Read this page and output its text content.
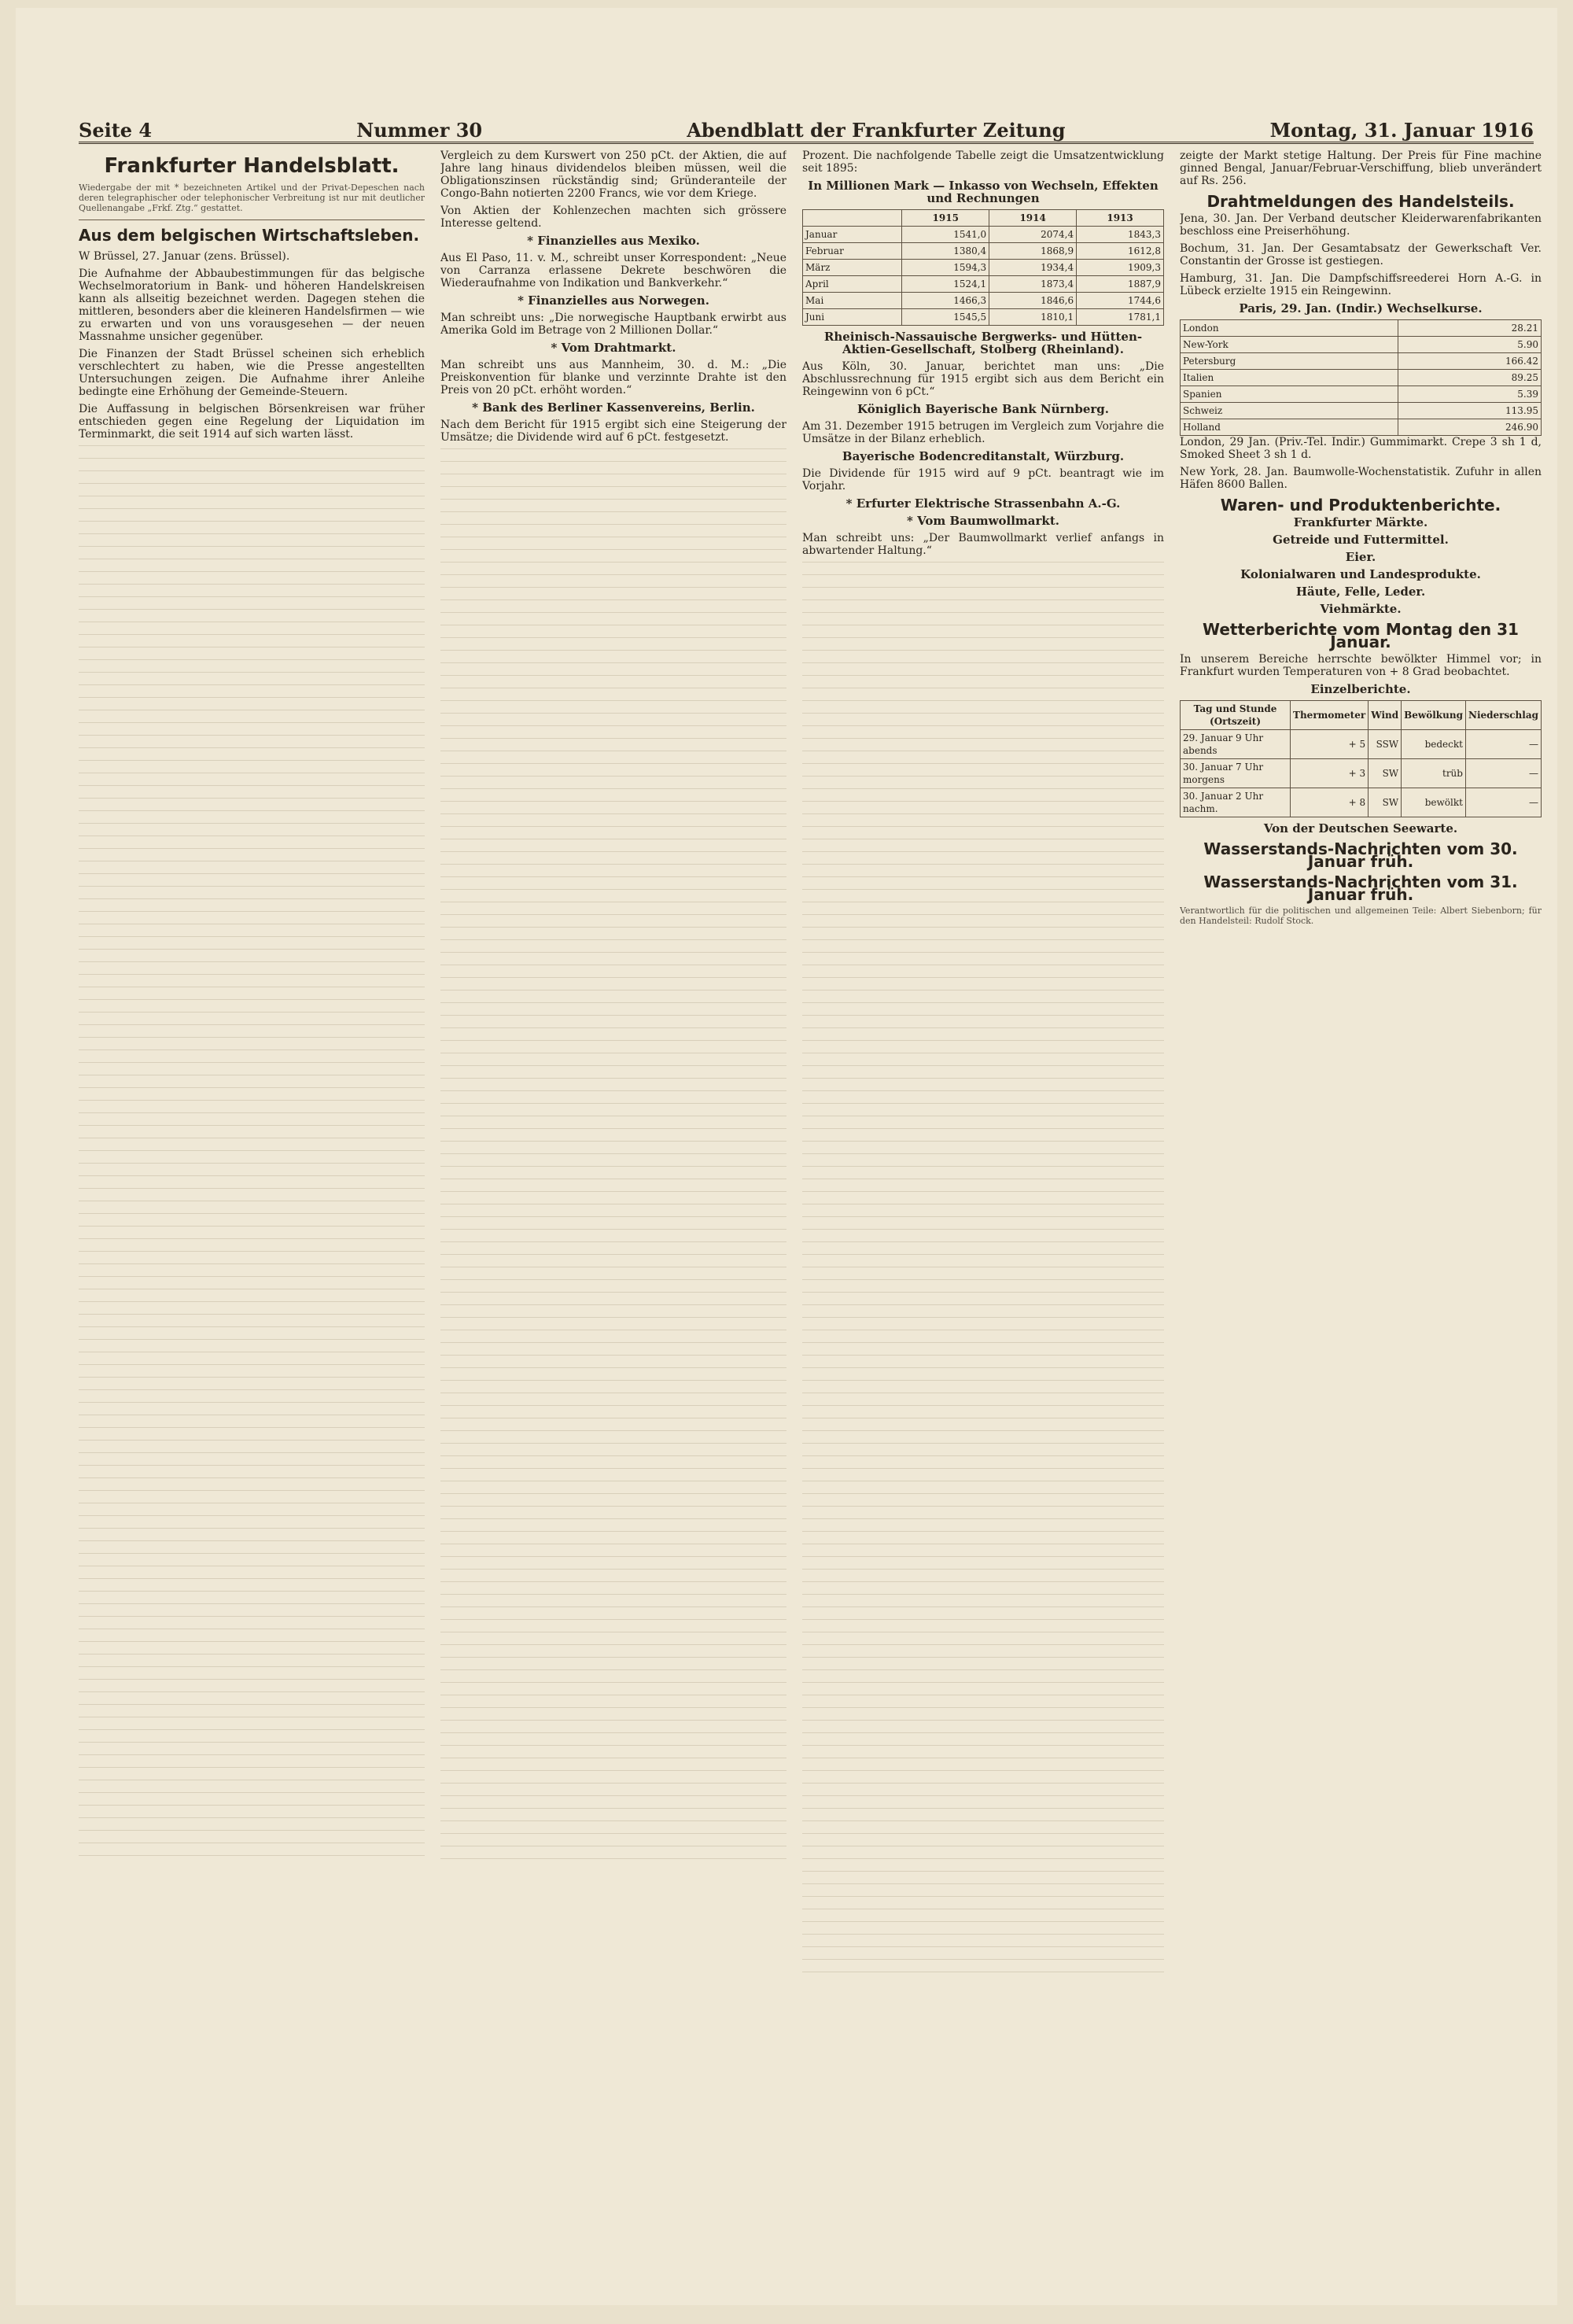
Seite 4	Nummer 30	Abendblatt der Frankfurter Zeitung	Montag, 31. Januar 1916
Frankfurter Handelsblatt.

Wiedergabe der mit * bezeichneten Artikel und der Privat-Depeschen nach deren telegraphischer oder telephonischer Verbreitung ist nur mit deutlicher Quellenangabe „Frkf. Ztg.“ gestattet.

Aus dem belgischen Wirtschaftsleben.

W Brüssel, 27. Januar (zens. Brüssel).

Die Aufnahme der Abbaubestimmungen für das belgische Wechselmoratorium in Bank- und höheren Handelskreisen kann als allseitig bezeichnet werden. Dagegen stehen die mittleren, besonders aber die kleineren Handelsfirmen — wie zu erwarten und von uns vorausgesehen — der neuen Massnahme unsicher gegenüber.

Die Finanzen der Stadt Brüssel scheinen sich erheblich verschlechtert zu haben, wie die Presse angestellten Untersuchungen zeigen. Die Aufnahme ihrer Anleihe bedingte eine Erhöhung der Gemeinde-Steuern.

Die Auffassung in belgischen Börsenkreisen war früher entschieden gegen eine Regelung der Liquidation im Terminmarkt, die seit 1914 auf sich warten lässt.

Vergleich zu dem Kurswert von 250 pCt. der Aktien, die auf Jahre lang hinaus dividendelos bleiben müssen, weil die Obligationszinsen rückständig sind; Gründeranteile der Congo-Bahn notierten 2200 Francs, wie vor dem Kriege.

Von Aktien der Kohlenzechen machten sich grössere Interesse geltend.

* Finanzielles aus Mexiko.

Aus El Paso, 11. v. M., schreibt unser Korrespondent: „Neue von Carranza erlassene Dekrete beschwören die Wiederaufnahme von Indikation und Bankverkehr.“

* Finanzielles aus Norwegen.

Man schreibt uns: „Die norwegische Hauptbank erwirbt aus Amerika Gold im Betrage von 2 Millionen Dollar.“

* Vom Drahtmarkt.

Man schreibt uns aus Mannheim, 30. d. M.: „Die Preiskonvention für blanke und verzinnte Drahte ist den Preis von 20 pCt. erhöht worden.“

* Bank des Berliner Kassenvereins, Berlin.

Nach dem Bericht für 1915 ergibt sich eine Steigerung der Umsätze; die Dividende wird auf 6 pCt. festgesetzt.

Prozent. Die nachfolgende Tabelle zeigt die Umsatzentwicklung seit 1895:

In Millionen Mark — Inkasso von Wechseln, Effekten und Rechnungen
	1915	1914	1913
Januar	1541,0	2074,4	1843,3
Februar	1380,4	1868,9	1612,8
März	1594,3	1934,4	1909,3
April	1524,1	1873,4	1887,9
Mai	1466,3	1846,6	1744,6
Juni	1545,5	1810,1	1781,1
Rheinisch-Nassauische Bergwerks- und Hütten-Aktien-Gesellschaft, Stolberg (Rheinland).

Aus Köln, 30. Januar, berichtet man uns: „Die Abschlussrechnung für 1915 ergibt sich aus dem Bericht ein Reingewinn von 6 pCt.“

Königlich Bayerische Bank Nürnberg.

Am 31. Dezember 1915 betrugen im Vergleich zum Vorjahre die Umsätze in der Bilanz erheblich.

Bayerische Bodencreditanstalt, Würzburg.

Die Dividende für 1915 wird auf 9 pCt. beantragt wie im Vorjahr.

* Erfurter Elektrische Strassenbahn A.-G.
* Vom Baumwollmarkt.

Man schreibt uns: „Der Baumwollmarkt verlief anfangs in abwartender Haltung.“

zeigte der Markt stetige Haltung. Der Preis für Fine machine ginned Bengal, Januar/Februar-Verschiffung, blieb unverändert auf Rs. 256.

Drahtmeldungen des Handelsteils.

Jena, 30. Jan. Der Verband deutscher Kleiderwarenfabrikanten beschloss eine Preiserhöhung.

Bochum, 31. Jan. Der Gesamtabsatz der Gewerkschaft Ver. Constantin der Grosse ist gestiegen.

Hamburg, 31. Jan. Die Dampfschiffsreederei Horn A.-G. in Lübeck erzielte 1915 ein Reingewinn.

Paris, 29. Jan. (Indir.) Wechselkurse.
London	28.21
New-York	5.90
Petersburg	166.42
Italien	89.25
Spanien	5.39
Schweiz	113.95
Holland	246.90

London, 29 Jan. (Priv.-Tel. Indir.) Gummimarkt. Crepe 3 sh 1 d, Smoked Sheet 3 sh 1 d.

New York, 28. Jan. Baumwolle-Wochenstatistik. Zufuhr in allen Häfen 8600 Ballen.

Waren- und Produktenberichte.
Frankfurter Märkte.
Getreide und Futtermittel.
Eier.
Kolonialwaren und Landesprodukte.
Häute, Felle, Leder.
Viehmärkte.
Wetterberichte vom Montag den 31 Januar.

In unserem Bereiche herrschte bewölkter Himmel vor; in Frankfurt wurden Temperaturen von + 8 Grad beobachtet.

Einzelberichte.
Tag und Stunde (Ortszeit)	Thermometer	Wind	Bewölkung	Niederschlag
29. Januar 9 Uhr abends	+ 5	SSW	bedeckt	—
30. Januar 7 Uhr morgens	+ 3	SW	trüb	—
30. Januar 2 Uhr nachm.	+ 8	SW	bewölkt	—
Von der Deutschen Seewarte.
Wasserstands-Nachrichten vom 30. Januar früh.
Wasserstands-Nachrichten vom 31. Januar früh.

Verantwortlich für die politischen und allgemeinen Teile: Albert Siebenborn; für den Handelsteil: Rudolf Stock.
